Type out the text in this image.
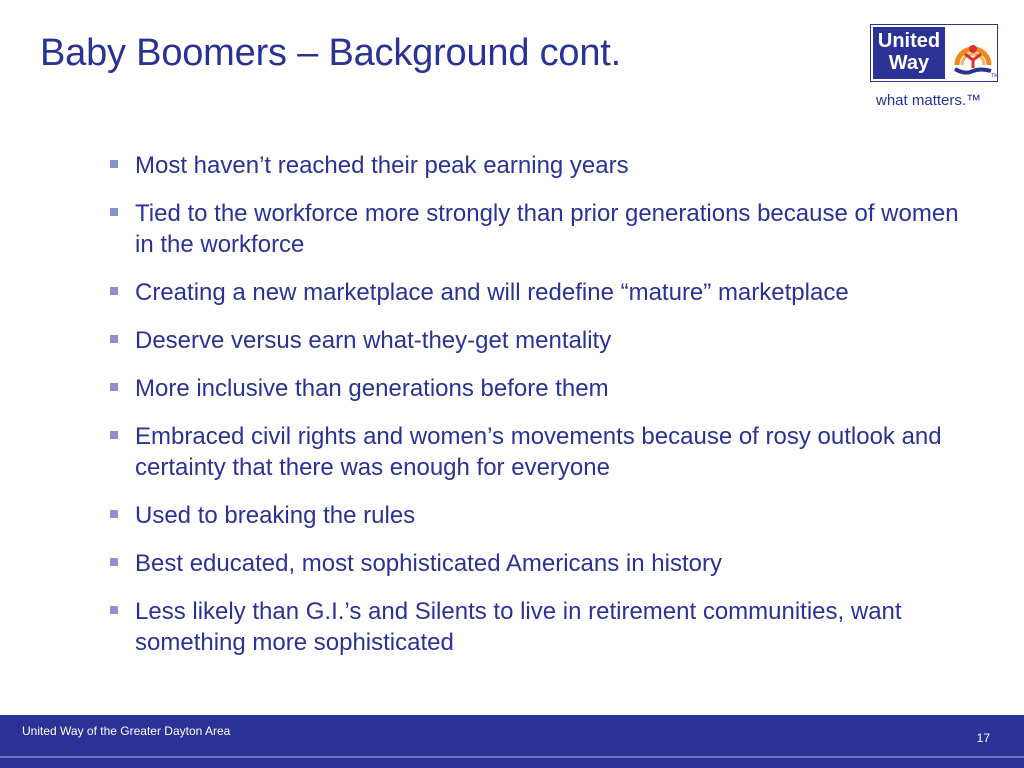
Baby Boomers – Background cont.	United
Way
TM
what matters.™
Most haven’t reached their peak earning years
Tied to the workforce more strongly than prior generations because of women in the workforce
Creating a new marketplace and will redefine “mature” marketplace
Deserve versus earn what-they-get mentality
More inclusive than generations before them
Embraced civil rights and women’s movements because of rosy outlook and certainty that there was enough for everyone
Used to breaking the rules
Best educated, most sophisticated Americans in history
Less likely than G.I.’s and Silents to live in retirement communities, want something more sophisticated
United Way of the Greater Dayton Area	17
